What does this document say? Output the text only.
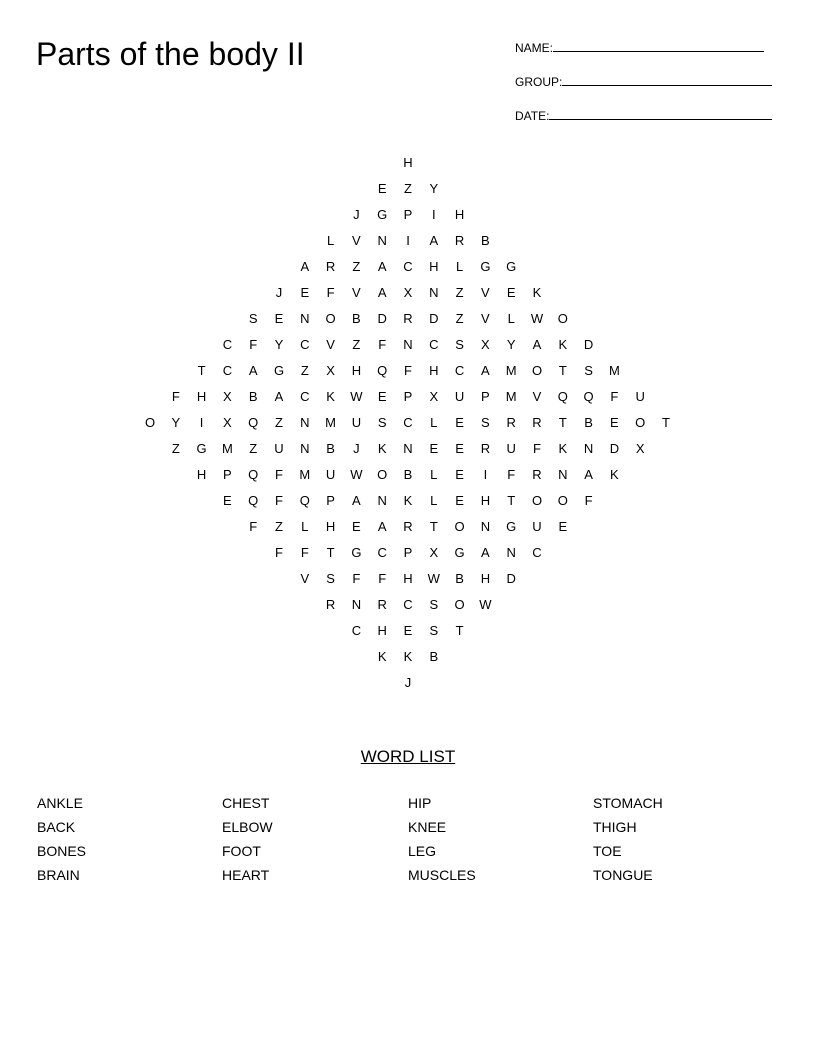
Parts of the body II	NAME:
GROUP:
DATE:
H
E	Z	Y
J	G	P	I	H
L	V	N	I	A	R	B
A	R	Z	A	C	H	L	G	G
J	E	F	V	A	X	N	Z	V	E	K
S	E	N	O	B	D	R	D	Z	V	L	W	O
C	F	Y	C	V	Z	F	N	C	S	X	Y	A	K	D
T	C	A	G	Z	X	H	Q	F	H	C	A	M	O	T	S	M
F	H	X	B	A	C	K	W	E	P	X	U	P	M	V	Q	Q	F	U
O	Y	I	X	Q	Z	N	M	U	S	C	L	E	S	R	R	T	B	E	O	T
Z	G	M	Z	U	N	B	J	K	N	E	E	R	U	F	K	N	D	X
H	P	Q	F	M	U	W	O	B	L	E	I	F	R	N	A	K
E	Q	F	Q	P	A	N	K	L	E	H	T	O	O	F
F	Z	L	H	E	A	R	T	O	N	G	U	E
F	F	T	G	C	P	X	G	A	N	C
V	S	F	F	H	W	B	H	D
R	N	R	C	S	O	W
C	H	E	S	T
K	K	B
J
WORD LIST
ANKLE
BACK
BONES
BRAIN
CHEST
ELBOW
FOOT
HEART
HIP
KNEE
LEG
MUSCLES
STOMACH
THIGH
TOE
TONGUE
